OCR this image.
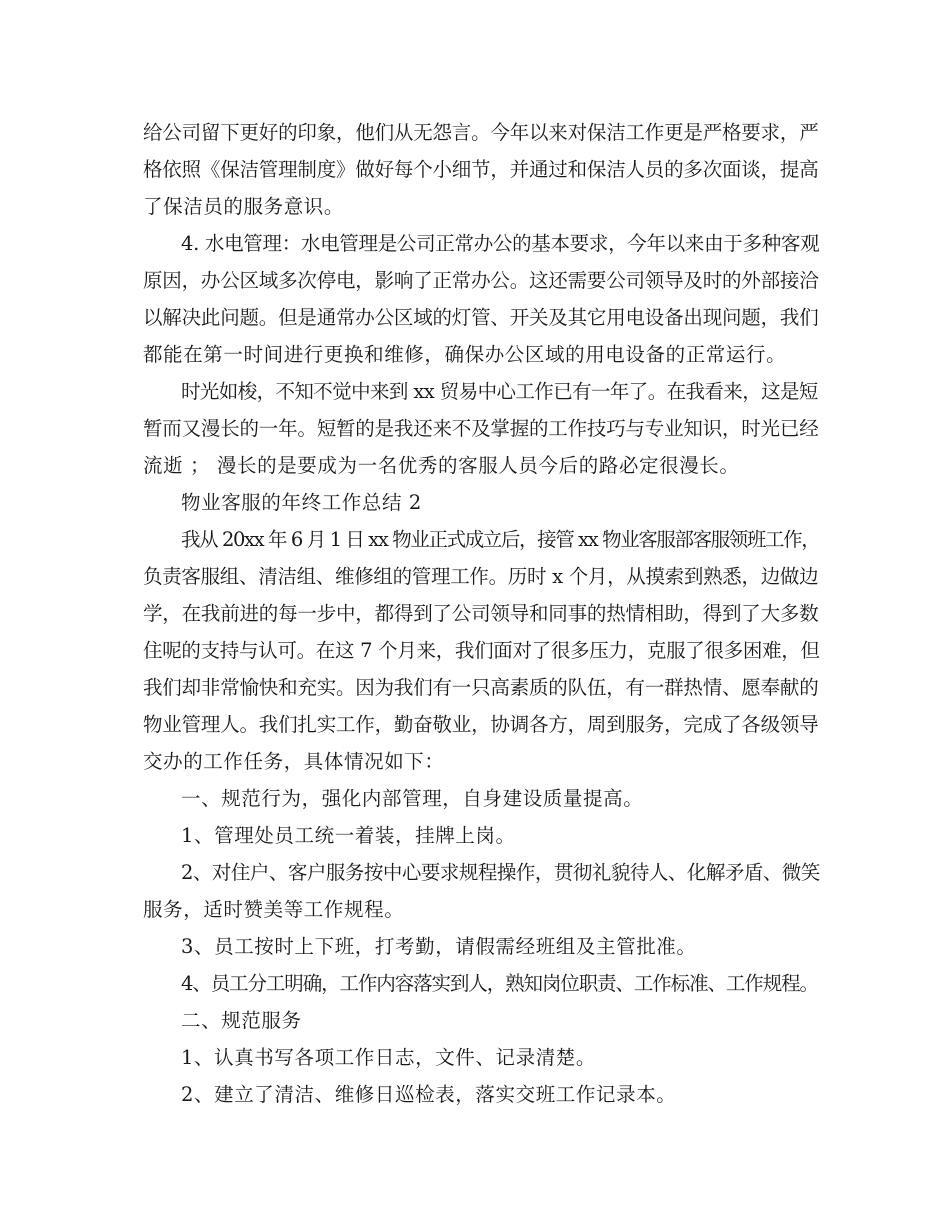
给公司留下更好的印象，他们从无怨言。今年以来对保洁工作更是严格要求，严
格依照《保洁管理制度》做好每个小细节，并通过和保洁人员的多次面谈，提高
了保洁员的服务意识。
4. 水电管理：水电管理是公司正常办公的基本要求，今年以来由于多种客观
原因，办公区域多次停电，影响了正常办公。这还需要公司领导及时的外部接洽
以解决此问题。但是通常办公区域的灯管、开关及其它用电设备出现问题，我们
都能在第一时间进行更换和维修，确保办公区域的用电设备的正常运行。
时光如梭，不知不觉中来到 xx 贸易中心工作已有一年了。在我看来，这是短
暂而又漫长的一年。短暂的是我还来不及掌握的工作技巧与专业知识，时光已经
流逝 ； 漫长的是要成为一名优秀的客服人员今后的路必定很漫长。
物业客服的年终工作总结 2
我从 20xx 年 6 月 1 日 xx 物业正式成立后，接管 xx 物业客服部客服领班工作，
负责客服组、清洁组、维修组的管理工作。历时 x 个月，从摸索到熟悉，边做边
学，在我前进的每一步中，都得到了公司领导和同事的热情相助，得到了大多数
住呢的支持与认可。在这 7 个月来，我们面对了很多压力，克服了很多困难，但
我们却非常愉快和充实。因为我们有一只高素质的队伍，有一群热情、愿奉献的
物业管理人。我们扎实工作，勤奋敬业，协调各方，周到服务，完成了各级领导
交办的工作任务，具体情况如下：
一、规范行为，强化内部管理，自身建设质量提高。
1、管理处员工统一着装，挂牌上岗。
2、对住户、客户服务按中心要求规程操作，贯彻礼貌待人、化解矛盾、微笑
服务，适时赞美等工作规程。
3、员工按时上下班，打考勤，请假需经班组及主管批准。
4、员工分工明确，工作内容落实到人，熟知岗位职责、工作标准、工作规程。
二、规范服务
1、认真书写各项工作日志，文件、记录清楚。
2、建立了清洁、维修日巡检表，落实交班工作记录本。
